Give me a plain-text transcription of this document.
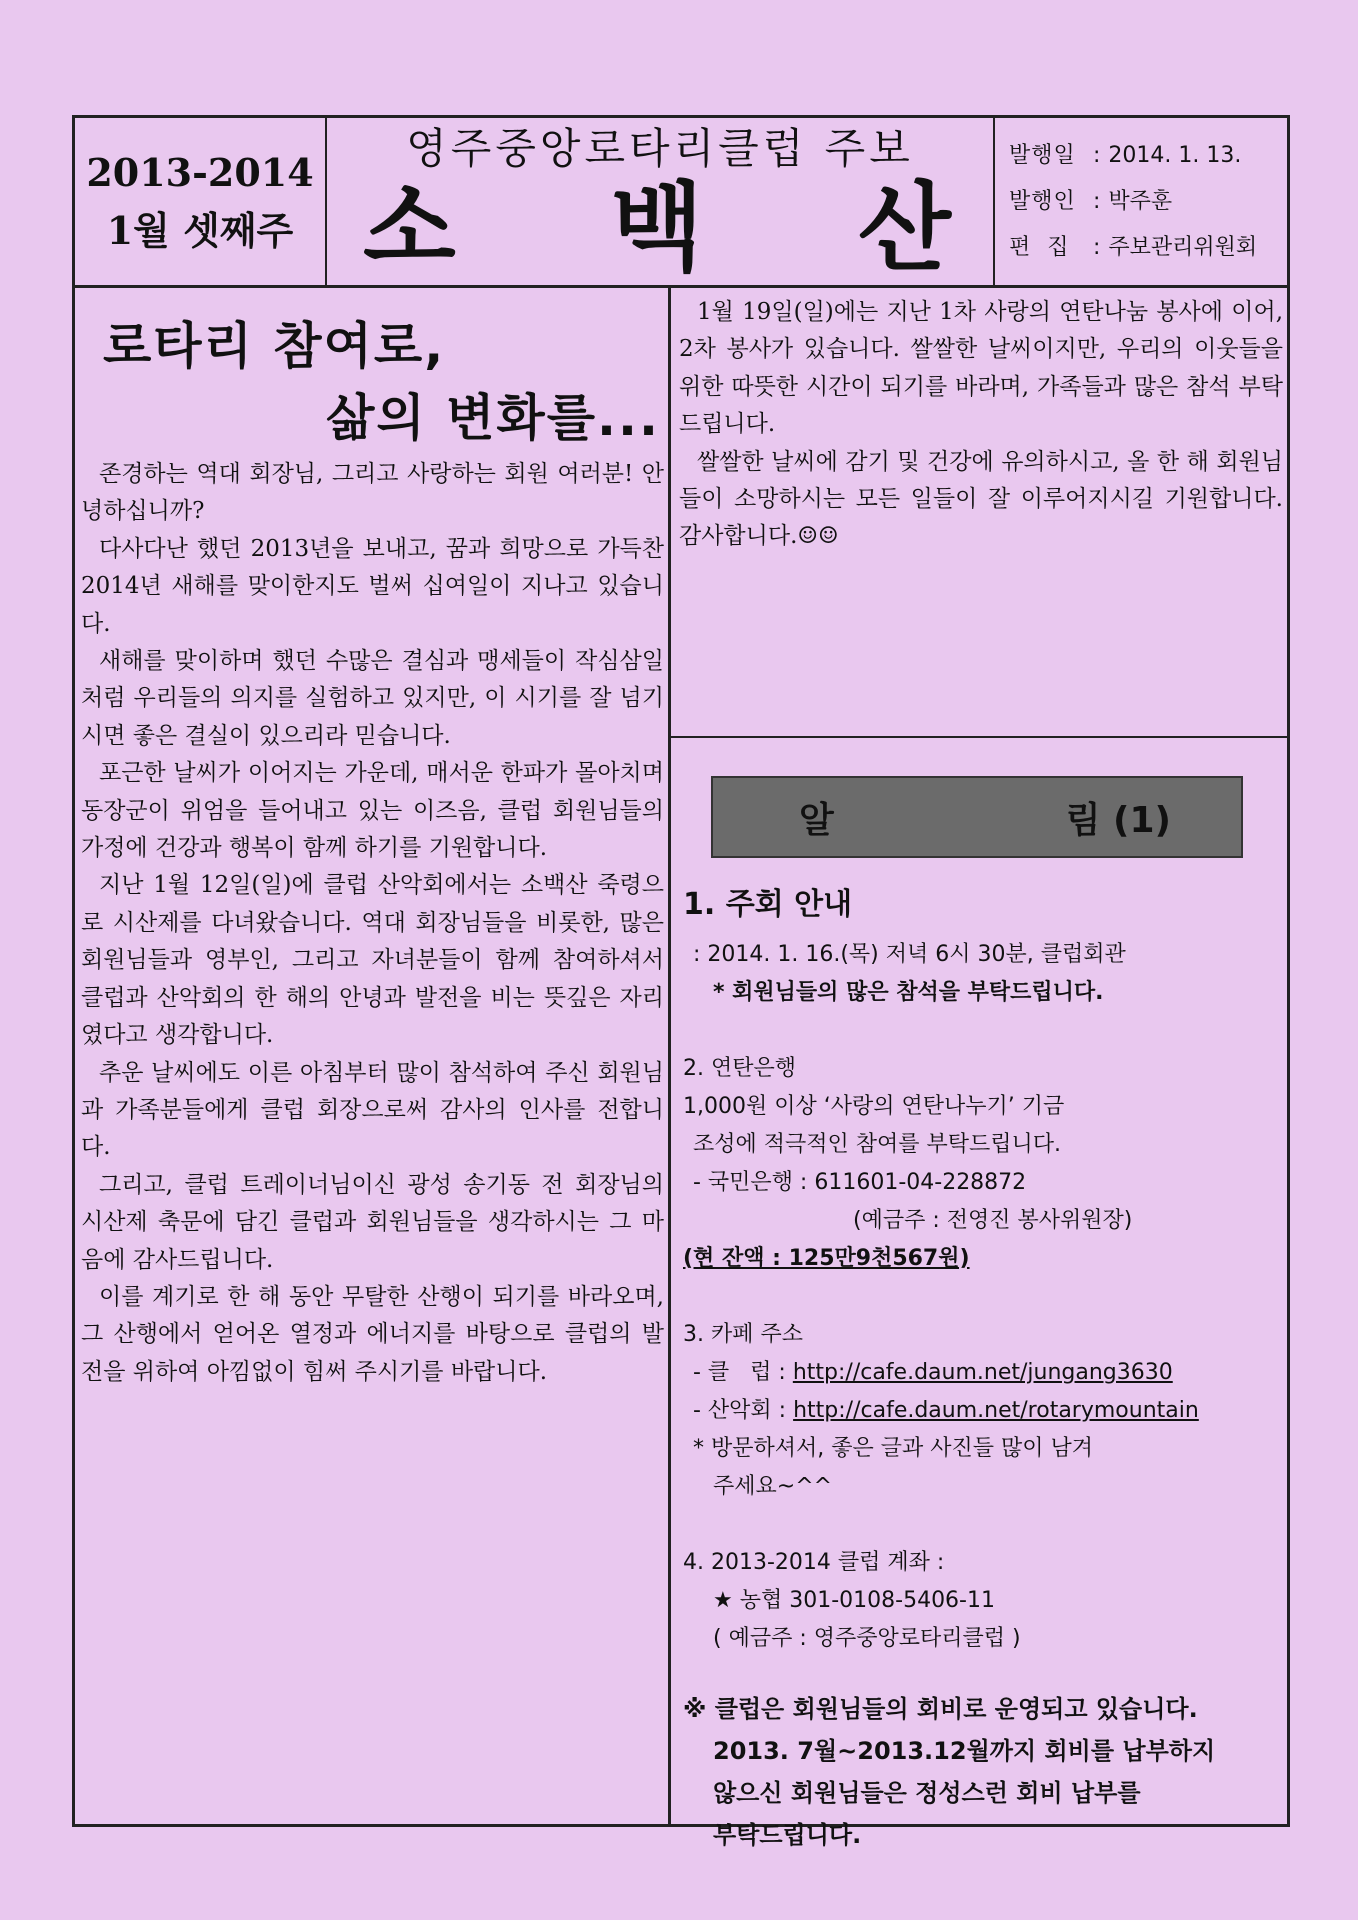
2013-2014
1월 셋째주
영주중앙로타리클럽 주보
소 백 산
발행일 : 2014. 1. 13.
발행인 : 박주훈
편  집	: 주보관리위원회
로타리 참여로,
삶의 변화를...

존경하는 역대 회장님, 그리고 사랑하는 회원 여러분! 안녕하십니까?

다사다난 했던 2013년을 보내고, 꿈과 희망으로 가득찬 2014년 새해를 맞이한지도 벌써 십여일이 지나고 있습니다.

새해를 맞이하며 했던 수많은 결심과 맹세들이 작심삼일처럼 우리들의 의지를 실험하고 있지만, 이 시기를 잘 넘기시면 좋은 결실이 있으리라 믿습니다.

포근한 날씨가 이어지는 가운데, 매서운 한파가 몰아치며 동장군이 위엄을 들어내고 있는 이즈음, 클럽 회원님들의 가정에 건강과 행복이 함께 하기를 기원합니다.

지난 1월 12일(일)에 클럽 산악회에서는 소백산 죽령으로 시산제를 다녀왔습니다. 역대 회장님들을 비롯한, 많은 회원님들과 영부인, 그리고 자녀분들이 함께 참여하셔서 클럽과 산악회의 한 해의 안녕과 발전을 비는 뜻깊은 자리였다고 생각합니다.

추운 날씨에도 이른 아침부터 많이 참석하여 주신 회원님과 가족분들에게 클럽 회장으로써 감사의 인사를 전합니다.

그리고, 클럽 트레이너님이신 광성 송기동 전 회장님의 시산제 축문에 담긴 클럽과 회원님들을 생각하시는 그 마음에 감사드립니다.

이를 계기로 한 해 동안 무탈한 산행이 되기를 바라오며, 그 산행에서 얻어온 열정과 에너지를 바탕으로 클럽의 발전을 위하여 아낌없이 힘써 주시기를 바랍니다.

1월 19일(일)에는 지난 1차 사랑의 연탄나눔 봉사에 이어, 2차 봉사가 있습니다. 쌀쌀한 날씨이지만, 우리의 이웃들을 위한 따뜻한 시간이 되기를 바라며, 가족들과 많은 참석 부탁드립니다.

쌀쌀한 날씨에 감기 및 건강에 유의하시고, 올 한 해 회원님들이 소망하시는 모든 일들이 잘 이루어지시길 기원합니다. 감사합니다.☺☺

알	림 (1)
1. 주회 안내
: 2014. 1. 16.(목) 저녁 6시 30분, 클럽회관
* 회원님들의 많은 참석을 부탁드립니다.
2. 연탄은행
1,000원 이상 ‘사랑의 연탄나누기’ 기금
조성에 적극적인 참여를 부탁드립니다.
- 국민은행 : 611601-04-228872
(예금주 : 전영진 봉사위원장)
(현 잔액 : 125만9천567원)
3. 카페 주소
- 클   럽 : http://cafe.daum.net/jungang3630
- 산악회 : http://cafe.daum.net/rotarymountain
* 방문하셔서, 좋은 글과 사진들 많이 남겨
주세요~^^
4. 2013-2014 클럽 계좌 :
★ 농협 301-0108-5406-11
( 예금주 : 영주중앙로타리클럽 )
※ 클럽은 회원님들의 회비로 운영되고 있습니다.
2013. 7월~2013.12월까지 회비를 납부하지
않으신 회원님들은 정성스런 회비 납부를
부탁드립니다.
